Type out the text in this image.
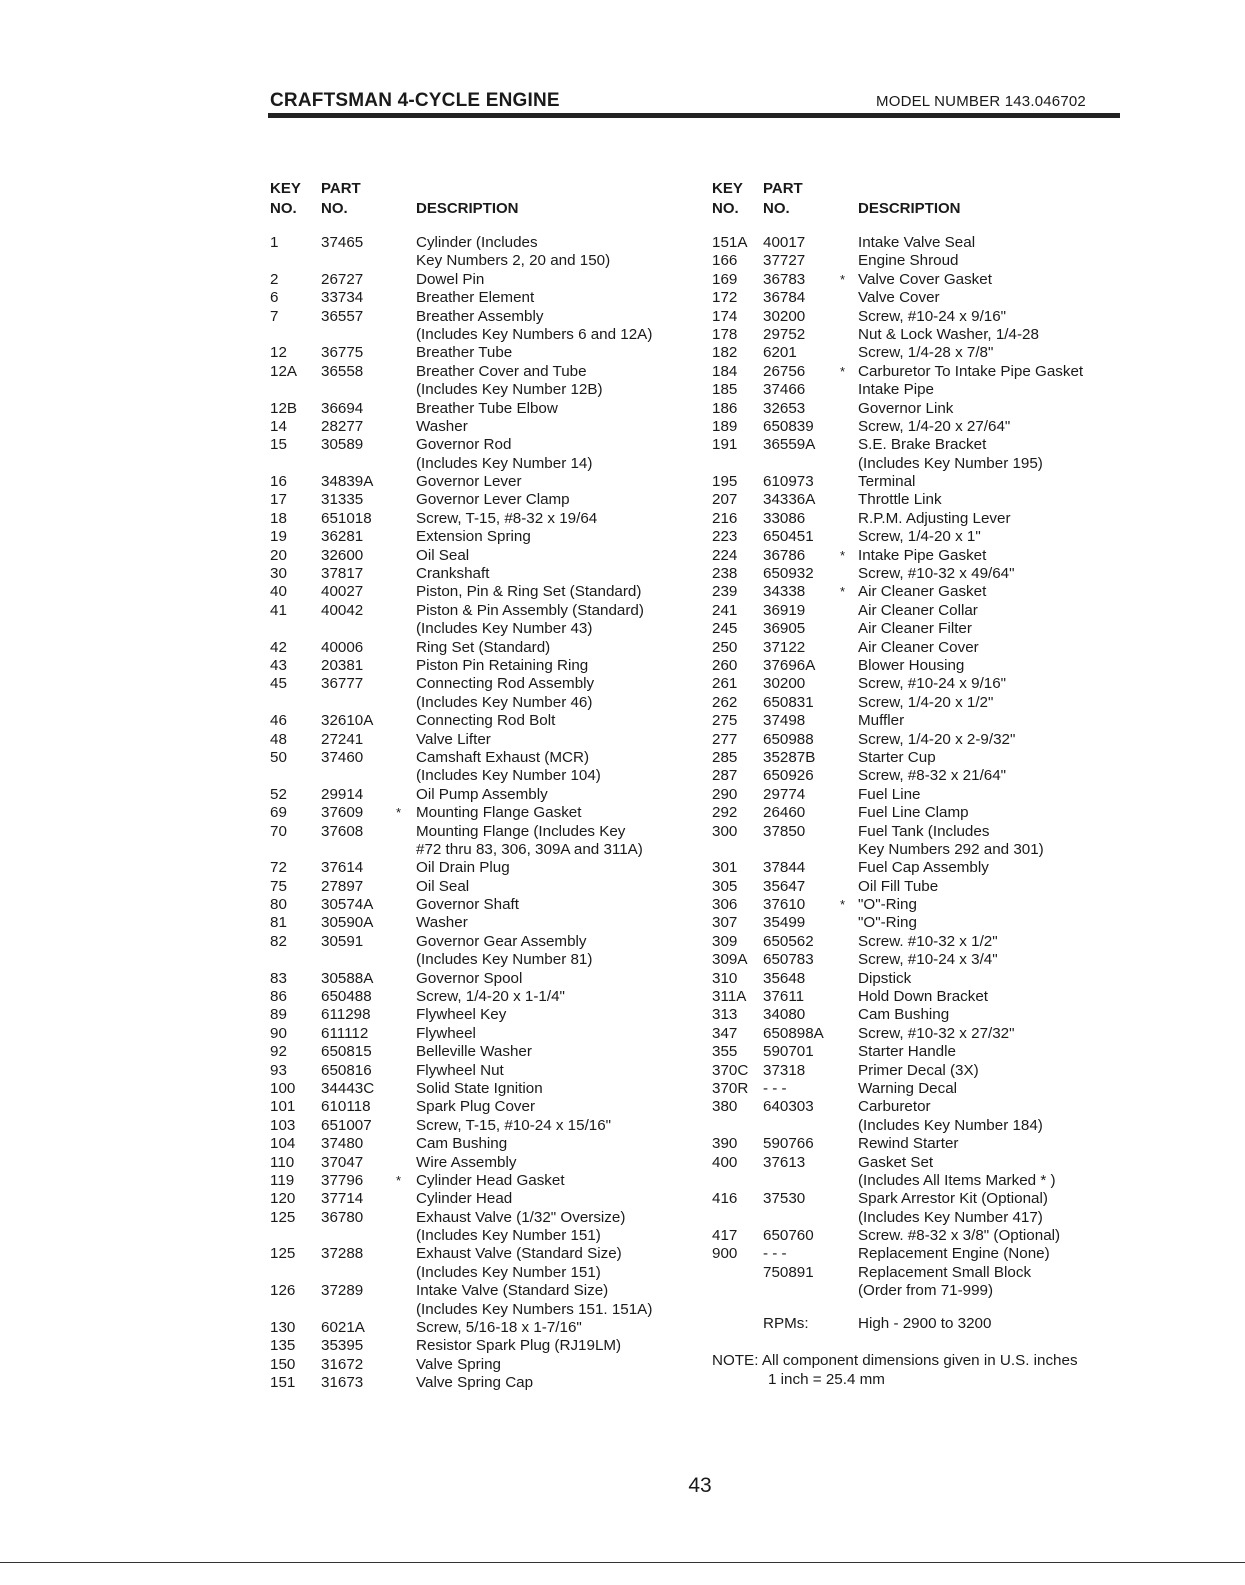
CRAFTSMAN 4-CYCLE ENGINE	MODEL NUMBER 143.046702
KEY
NO.
PART
NO.	DESCRIPTION
1	37465	Cylinder (Includes
Key Numbers 2, 20 and 150)
2	26727	Dowel Pin
6	33734	Breather Element
7	36557	Breather Assembly
(Includes Key Numbers 6 and 12A)
12 36775	Breather Tube
12A 36558	Breather Cover and Tube
(Includes Key Number 12B)
12B 36694	Breather Tube Elbow
14 28277	Washer
15 30589	Governor Rod
(Includes Key Number 14)
16 34839A	Governor Lever
17 31335	Governor Lever Clamp
18 651018	Screw, T-15, #8-32 x 19/64
19 36281	Extension Spring
20 32600	Oil Seal
30 37817	Crankshaft
40 40027	Piston, Pin & Ring Set (Standard)
41 40042	Piston & Pin Assembly (Standard)
(Includes Key Number 43)
42 40006	Ring Set (Standard)
43 20381	Piston Pin Retaining Ring
45 36777	Connecting Rod Assembly
(Includes Key Number 46)
46 32610A	Connecting Rod Bolt
48 27241	Valve Lifter
50 37460	Camshaft Exhaust (MCR)
(Includes Key Number 104)
52 29914	Oil Pump Assembly
69 37609	* Mounting Flange Gasket
70 37608	Mounting Flange (Includes Key
#72 thru 83, 306, 309A and 311A)
72 37614	Oil Drain Plug
75 27897	Oil Seal
80 30574A	Governor Shaft
81 30590A	Washer
82 30591	Governor Gear Assembly
(Includes Key Number 81)
83 30588A	Governor Spool
86 650488	Screw, 1/4-20 x 1-1/4"
89 611298	Flywheel Key
90 611112	Flywheel
92 650815	Belleville Washer
93 650816	Flywheel Nut
100 34443C	Solid State Ignition
101 610118	Spark Plug Cover
103 651007	Screw, T-15, #10-24 x 15/16"
104 37480	Cam Bushing
110 37047	Wire Assembly
119 37796	* Cylinder Head Gasket
120 37714	Cylinder Head
125 36780	Exhaust Valve (1/32" Oversize)
(Includes Key Number 151)
125 37288	Exhaust Valve (Standard Size)
(Includes Key Number 151)
126 37289	Intake Valve (Standard Size)
(Includes Key Numbers 151. 151A)
130 6021A	Screw, 5/16-18 x 1-7/16"
135 35395	Resistor Spark Plug (RJ19LM)
150 31672	Valve Spring
151 31673	Valve Spring Cap
KEY
NO.
PART
NO.	DESCRIPTION
151A 40017	Intake Valve Seal
166 37727	Engine Shroud
169 36783	* Valve Cover Gasket
172 36784	Valve Cover
174 30200	Screw, #10-24 x 9/16"
178 29752	Nut & Lock Washer, 1/4-28
182 6201	Screw, 1/4-28 x 7/8"
184 26756	* Carburetor To Intake Pipe Gasket
185 37466	Intake Pipe
186 32653	Governor Link
189 650839	Screw, 1/4-20 x 27/64"
191 36559A	S.E. Brake Bracket
(Includes Key Number 195)
195 610973	Terminal
207 34336A	Throttle Link
216 33086	R.P.M. Adjusting Lever
223 650451	Screw, 1/4-20 x 1"
224 36786	* Intake Pipe Gasket
238 650932	Screw, #10-32 x 49/64"
239 34338	* Air Cleaner Gasket
241 36919	Air Cleaner Collar
245 36905	Air Cleaner Filter
250 37122	Air Cleaner Cover
260 37696A	Blower Housing
261 30200	Screw, #10-24 x 9/16"
262 650831	Screw, 1/4-20 x 1/2"
275 37498	Muffler
277 650988	Screw, 1/4-20 x 2-9/32"
285 35287B	Starter Cup
287 650926	Screw, #8-32 x 21/64"
290 29774	Fuel Line
292 26460	Fuel Line Clamp
300 37850	Fuel Tank (Includes
Key Numbers 292 and 301)
301 37844	Fuel Cap Assembly
305 35647	Oil Fill Tube
306 37610	* "O"-Ring
307 35499	"O"-Ring
309 650562	Screw. #10-32 x 1/2"
309A 650783	Screw, #10-24 x 3/4"
310 35648	Dipstick
311A 37611	Hold Down Bracket
313 34080	Cam Bushing
347 650898A Screw, #10-32 x 27/32"
355 590701	Starter Handle
370C 37318	Primer Decal (3X)
370R - - -	Warning Decal
380 640303	Carburetor
(Includes Key Number 184)
390 590766	Rewind Starter
400 37613	Gasket Set
(Includes All Items Marked * )
416 37530	Spark Arrestor Kit (Optional)
(Includes Key Number 417)
417 650760	Screw. #8-32 x 3/8" (Optional)
900 - - -	Replacement Engine (None)
750891	Replacement Small Block
(Order from 71-999)
RPMs:	High - 2900 to 3200
NOTE: All component dimensions given in U.S. inches
1 inch = 25.4 mm
43
